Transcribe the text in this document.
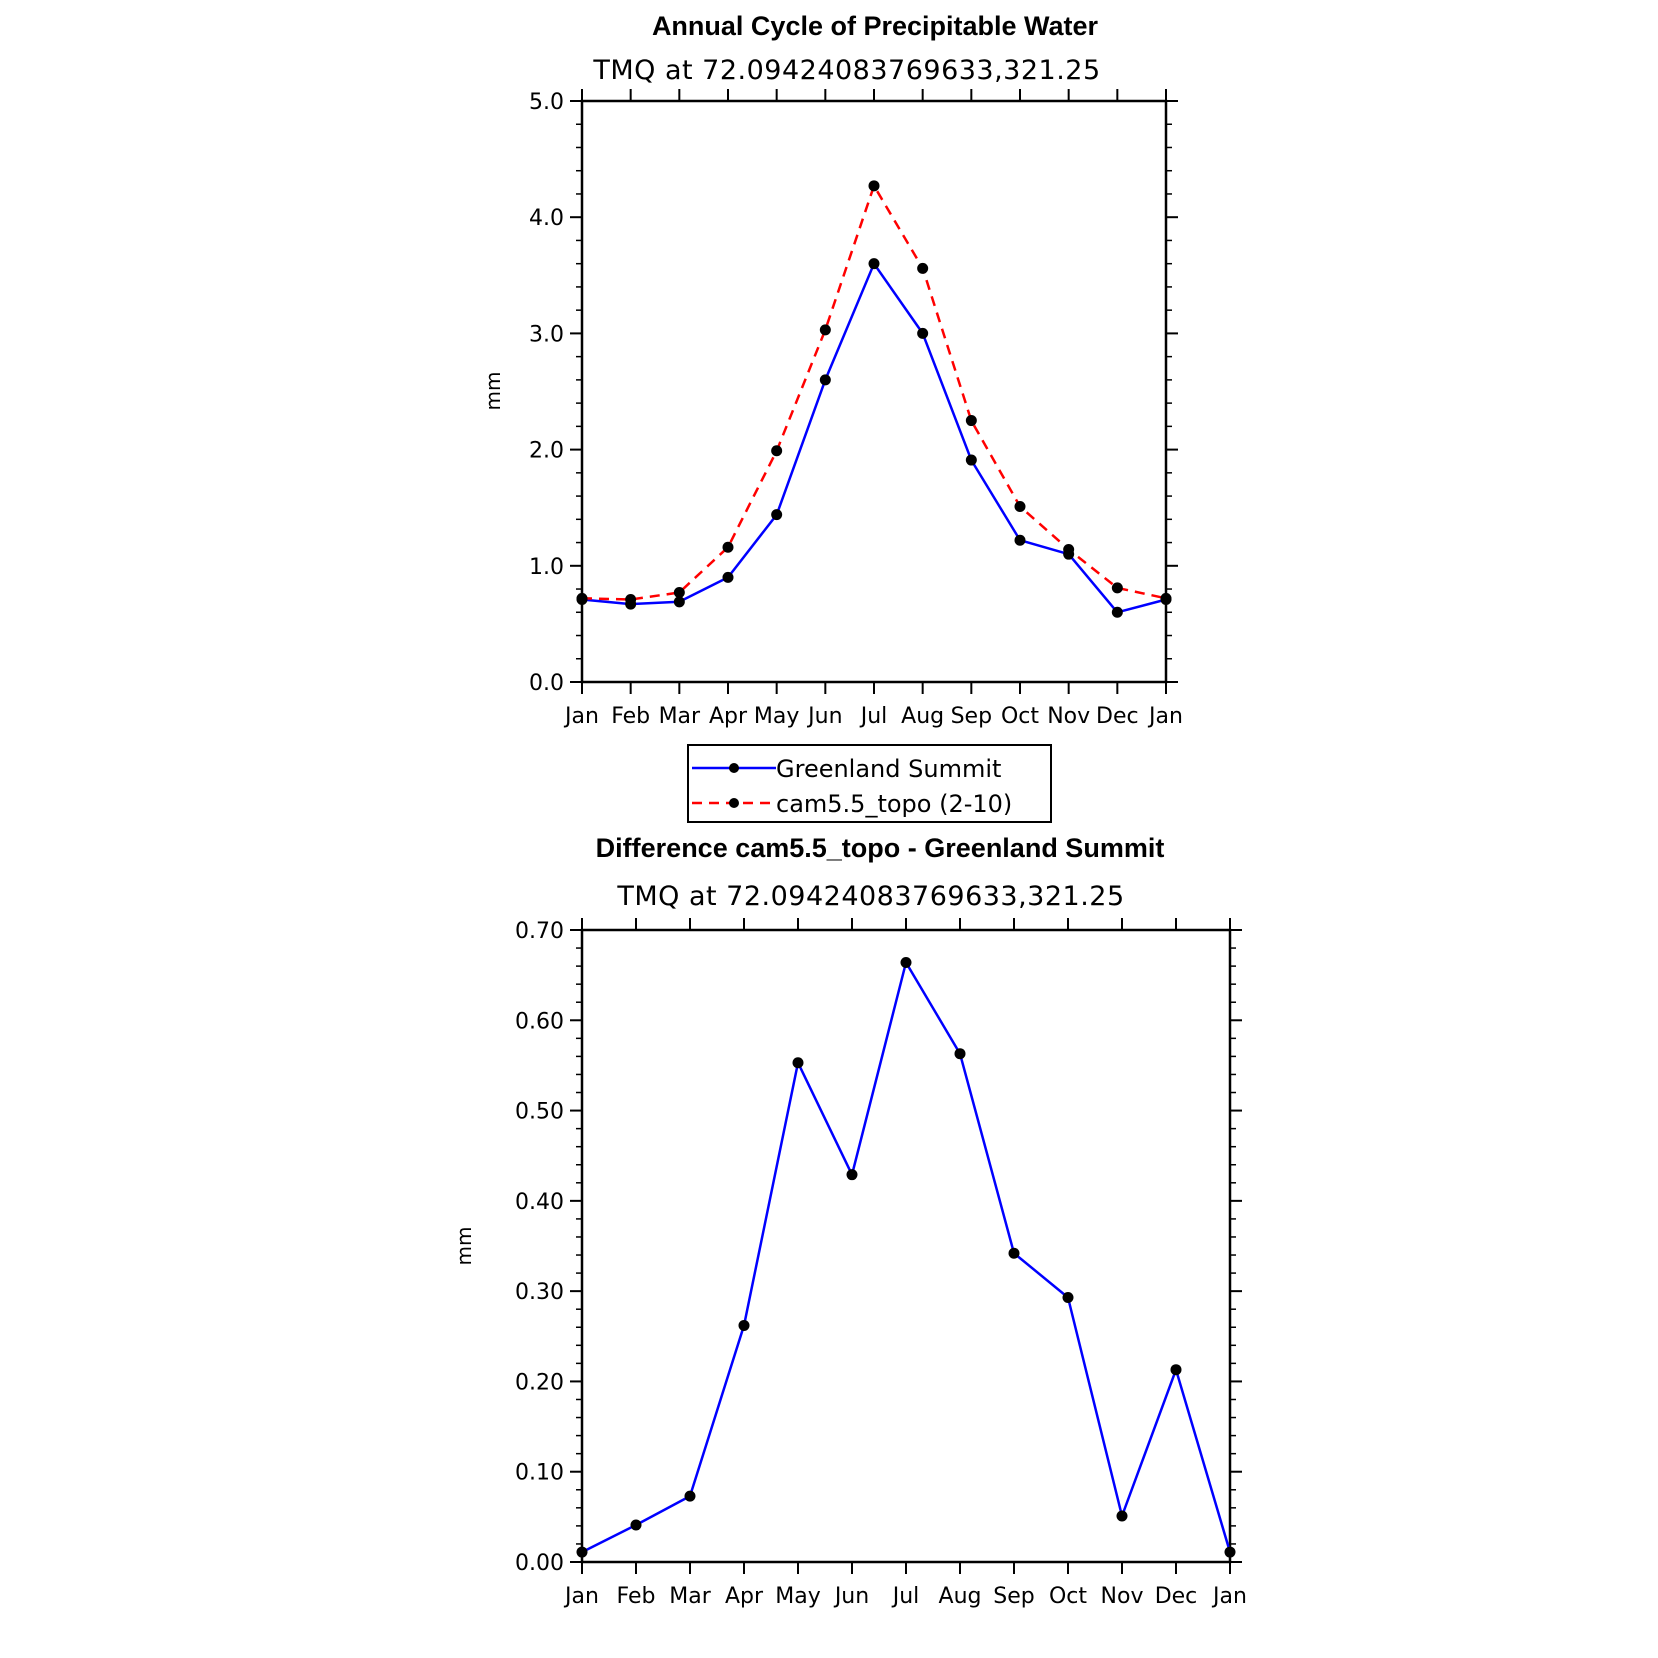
Annual Cycle of Precipitable Water
TMQ at 72.09424083769633,321.25
mm
0.0
1.0
2.0
3.0
4.0
5.0
Jan Feb Mar Apr May Jun Jul Aug Sep Oct Nov Dec Jan
Greenland Summit
cam5.5_topo (2-10)
Difference cam5.5_topo - Greenland Summit
TMQ at 72.09424083769633,321.25
mm
0.00
0.10
0.20
0.30
0.40
0.50
0.60
0.70
Jan Feb Mar Apr May Jun Jul Aug Sep Oct Nov Dec Jan
